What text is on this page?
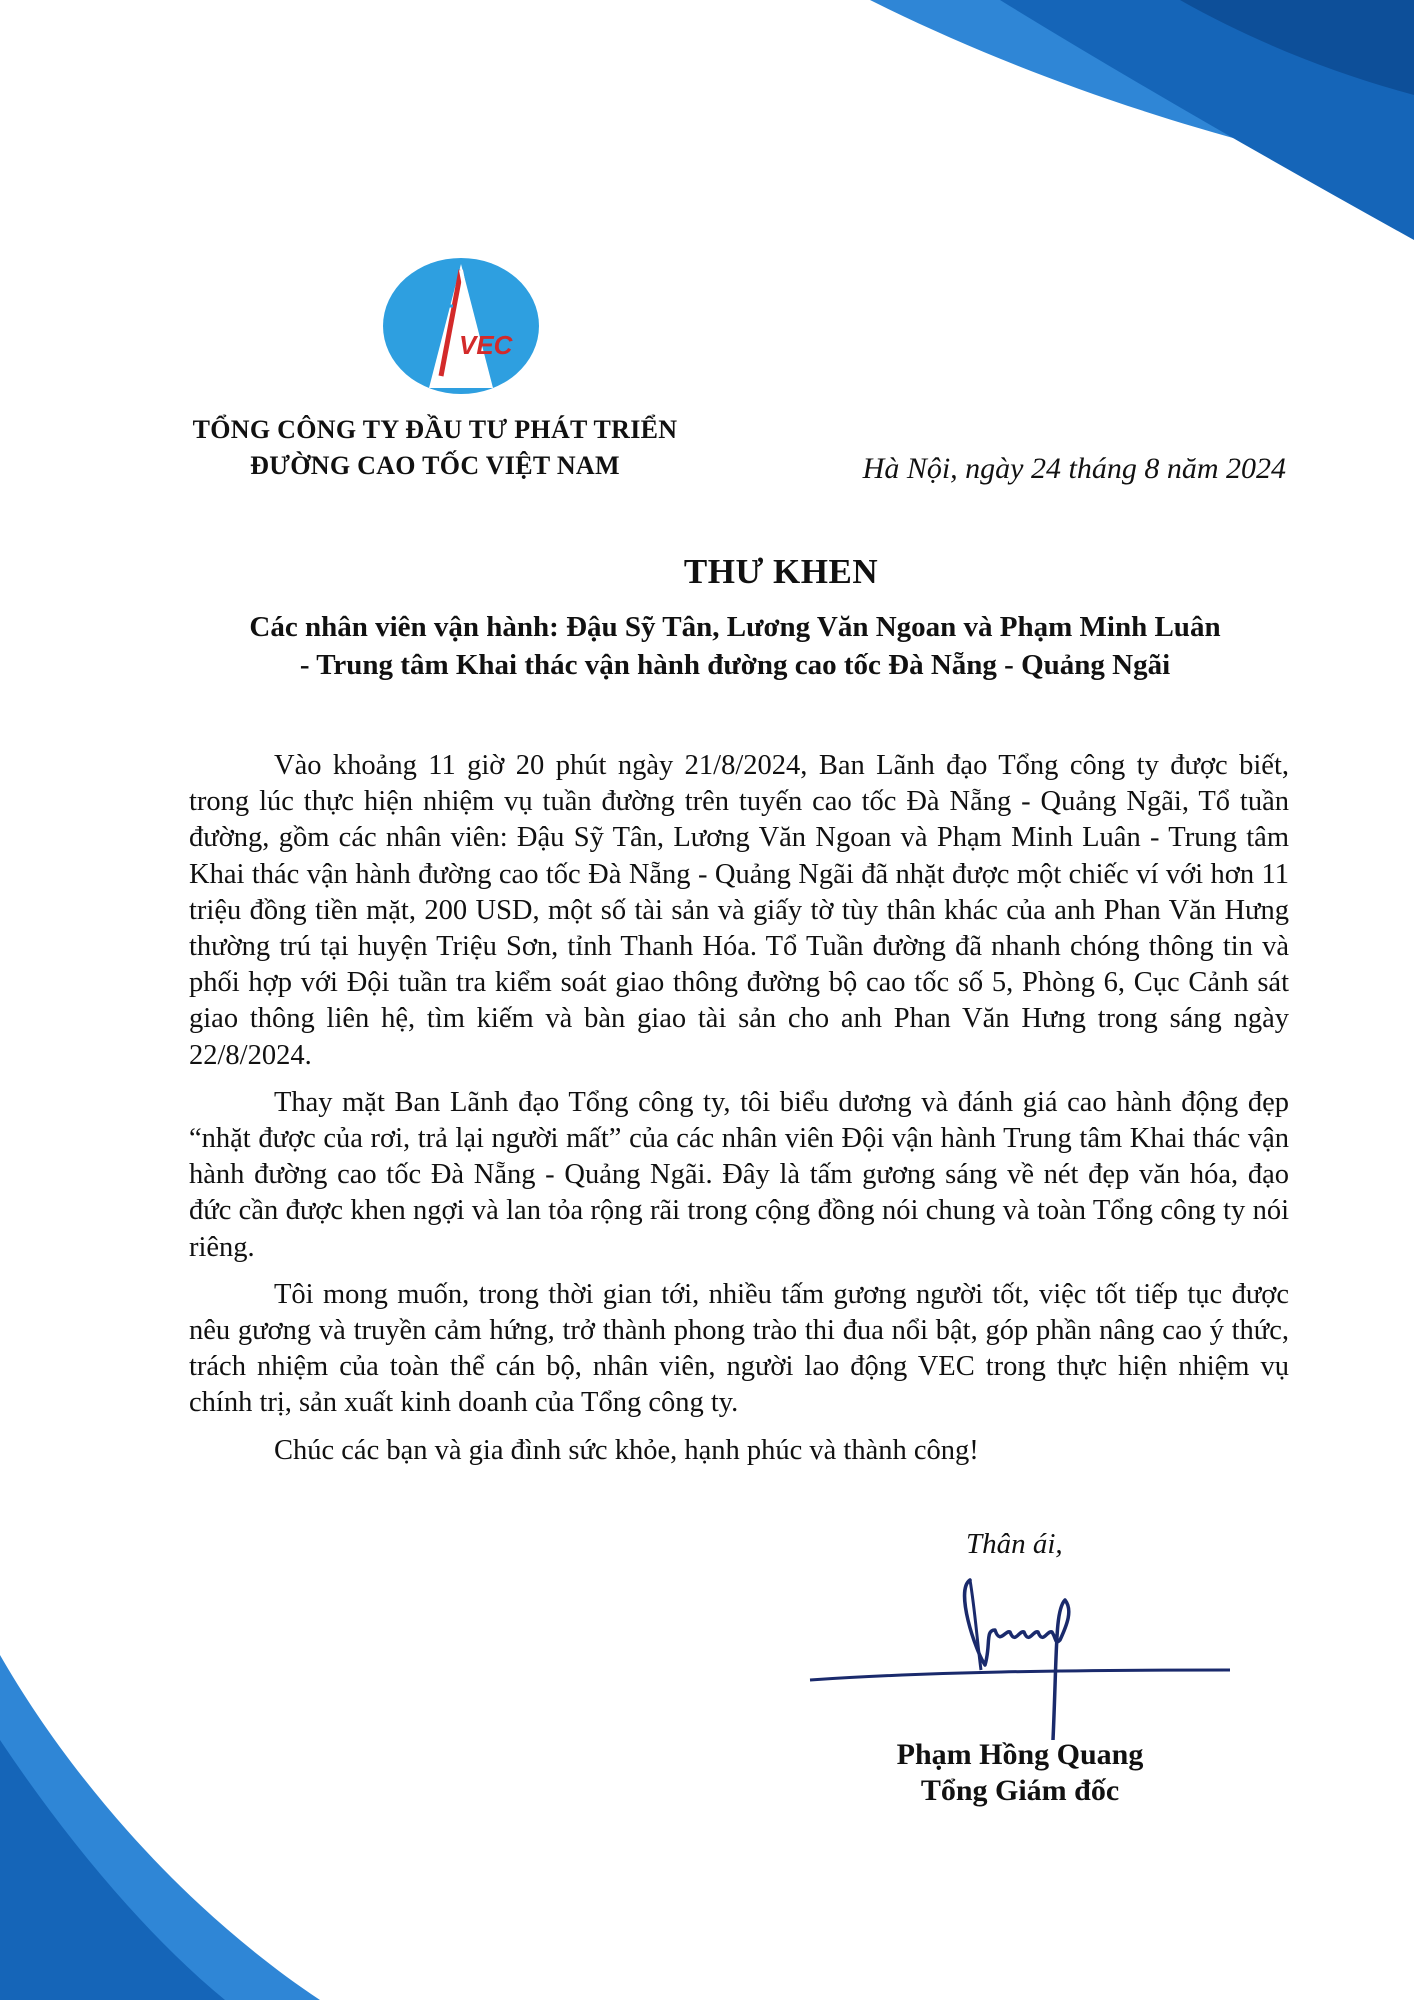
VEC
TỔNG CÔNG TY ĐẦU TƯ PHÁT TRIỂN
ĐƯỜNG CAO TỐC VIỆT NAM	Hà Nội, ngày 24 tháng 8 năm 2024
THƯ KHEN
Các nhân viên vận hành: Đậu Sỹ Tân, Lương Văn Ngoan và Phạm Minh Luân
- Trung tâm Khai thác vận hành đường cao tốc Đà Nẵng - Quảng Ngãi

Vào khoảng 11 giờ 20 phút ngày 21/8/2024, Ban Lãnh đạo Tổng công ty được biết, trong lúc thực hiện nhiệm vụ tuần đường trên tuyến cao tốc Đà Nẵng - Quảng Ngãi, Tổ tuần đường, gồm các nhân viên: Đậu Sỹ Tân, Lương Văn Ngoan và Phạm Minh Luân - Trung tâm Khai thác vận hành đường cao tốc Đà Nẵng - Quảng Ngãi đã nhặt được một chiếc ví với hơn 11 triệu đồng tiền mặt, 200 USD, một số tài sản và giấy tờ tùy thân khác của anh Phan Văn Hưng thường trú tại huyện Triệu Sơn, tỉnh Thanh Hóa. Tổ Tuần đường đã nhanh chóng thông tin và phối hợp với Đội tuần tra kiểm soát giao thông đường bộ cao tốc số 5, Phòng 6, Cục Cảnh sát giao thông liên hệ, tìm kiếm và bàn giao tài sản cho anh Phan Văn Hưng trong sáng ngày 22/8/2024.

Thay mặt Ban Lãnh đạo Tổng công ty, tôi biểu dương và đánh giá cao hành động đẹp “nhặt được của rơi, trả lại người mất” của các nhân viên Đội vận hành Trung tâm Khai thác vận hành đường cao tốc Đà Nẵng - Quảng Ngãi. Đây là tấm gương sáng về nét đẹp văn hóa, đạo đức cần được khen ngợi và lan tỏa rộng rãi trong cộng đồng nói chung và toàn Tổng công ty nói riêng.

Tôi mong muốn, trong thời gian tới, nhiều tấm gương người tốt, việc tốt tiếp tục được nêu gương và truyền cảm hứng, trở thành phong trào thi đua nổi bật, góp phần nâng cao ý thức, trách nhiệm của toàn thể cán bộ, nhân viên, người lao động VEC trong thực hiện nhiệm vụ chính trị, sản xuất kinh doanh của Tổng công ty.

Chúc các bạn và gia đình sức khỏe, hạnh phúc và thành công!

Thân ái,
Phạm Hồng Quang
Tổng Giám đốc
